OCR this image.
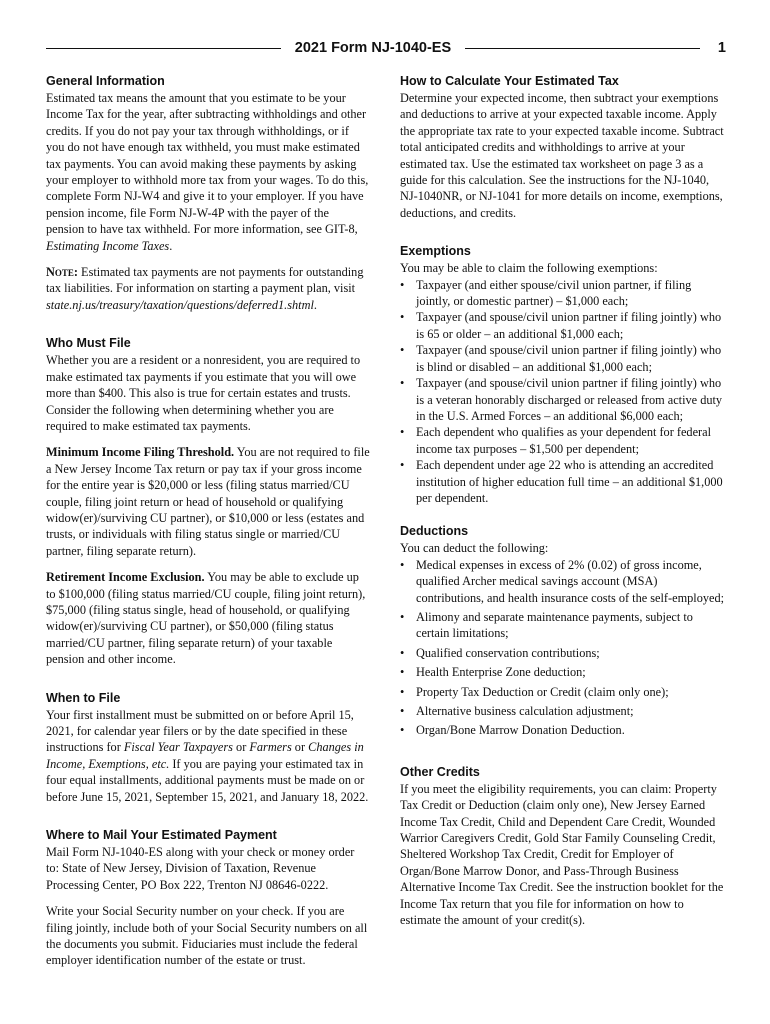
2021 Form NJ-1040-ES	1
General Information

Estimated tax means the amount that you estimate to be your Income Tax for the year, after subtracting withholdings and other credits. If you do not pay your tax through withholdings, or if you do not have enough tax withheld, you must make estimated tax payments. You can avoid making these payments by asking your employer to withhold more tax from your wages. To do this, complete Form NJ-W4 and give it to your employer. If you have pension income, file Form NJ-W-4P with the payer of the pension to have tax withheld. For more information, see GIT-8, Estimating Income Taxes.

Note: Estimated tax payments are not payments for outstanding tax liabilities. For information on starting a payment plan, visit state.nj.us/treasury/taxation/questions/deferred1.shtml.

Who Must File

Whether you are a resident or a nonresident, you are required to make estimated tax payments if you estimate that you will owe more than $400. This also is true for certain estates and trusts. Consider the following when determining whether you are required to make estimated tax payments.

Minimum Income Filing Threshold. You are not required to file a New Jersey Income Tax return or pay tax if your gross income for the entire year is $20,000 or less (filing status married/CU couple, filing joint return or head of household or qualifying widow(er)/surviving CU partner), or $10,000 or less (estates and trusts, or individuals with filing status single or married/CU partner, filing separate return).

Retirement Income Exclusion. You may be able to exclude up to $100,000 (filing status married/CU couple, filing joint return), $75,000 (filing status single, head of household, or qualifying widow(er)/surviving CU partner), or $50,000 (filing status married/CU partner, filing separate return) of your taxable pension and other income.

When to File

Your first installment must be submitted on or before April 15, 2021, for calendar year filers or by the date specified in these instructions for Fiscal Year Taxpayers or Farmers or Changes in Income, Exemptions, etc. If you are paying your estimated tax in four equal installments, additional payments must be made on or before June 15, 2021, September 15, 2021, and January 18, 2022.

Where to Mail Your Estimated Payment

Mail Form NJ-1040-ES along with your check or money order to: State of New Jersey, Division of Taxation, Revenue Processing Center, PO Box 222, Trenton NJ 08646-0222.

Write your Social Security number on your check. If you are filing jointly, include both of your Social Security numbers on all the documents you submit. Fiduciaries must include the federal employer identification number of the estate or trust.

How to Calculate Your Estimated Tax

Determine your expected income, then subtract your exemptions and deductions to arrive at your expected taxable income. Apply the appropriate tax rate to your expected taxable income. Subtract total anticipated credits and withholdings to arrive at your estimated tax. Use the estimated tax worksheet on page 3 as a guide for this calculation. See the instructions for the NJ-1040, NJ-1040NR, or NJ-1041 for more details on income, exemptions, deductions, and credits.

Exemptions

You may be able to claim the following exemptions:

• Taxpayer (and either spouse/civil union partner, if filing jointly, or domestic partner) – $1,000 each;
• Taxpayer (and spouse/civil union partner if filing jointly) who is 65 or older – an additional $1,000 each;
• Taxpayer (and spouse/civil union partner if filing jointly) who is blind or disabled – an additional $1,000 each;
• Taxpayer (and spouse/civil union partner if filing jointly) who is a veteran honorably discharged or released from active duty in the U.S. Armed Forces – an additional $6,000 each;
• Each dependent who qualifies as your dependent for federal income tax purposes – $1,500 per dependent;
• Each dependent under age 22 who is attending an accredited institution of higher education full time – an additional $1,000 per dependent.
Deductions

You can deduct the following:

• Medical expenses in excess of 2% (0.02) of gross income, qualified Archer medical savings account (MSA) contributions, and health insurance costs of the self-employed;
• Alimony and separate maintenance payments, subject to certain limitations;
• Qualified conservation contributions;
• Health Enterprise Zone deduction;
• Property Tax Deduction or Credit (claim only one);
• Alternative business calculation adjustment;
• Organ/Bone Marrow Donation Deduction.
Other Credits

If you meet the eligibility requirements, you can claim: Property Tax Credit or Deduction (claim only one), New Jersey Earned Income Tax Credit, Child and Dependent Care Credit, Wounded Warrior Caregivers Credit, Gold Star Family Counseling Credit, Sheltered Workshop Tax Credit, Credit for Employer of Organ/Bone Marrow Donor, and Pass-Through Business Alternative Income Tax Credit. See the instruction booklet for the Income Tax return that you file for information on how to estimate the amount of your credit(s).
